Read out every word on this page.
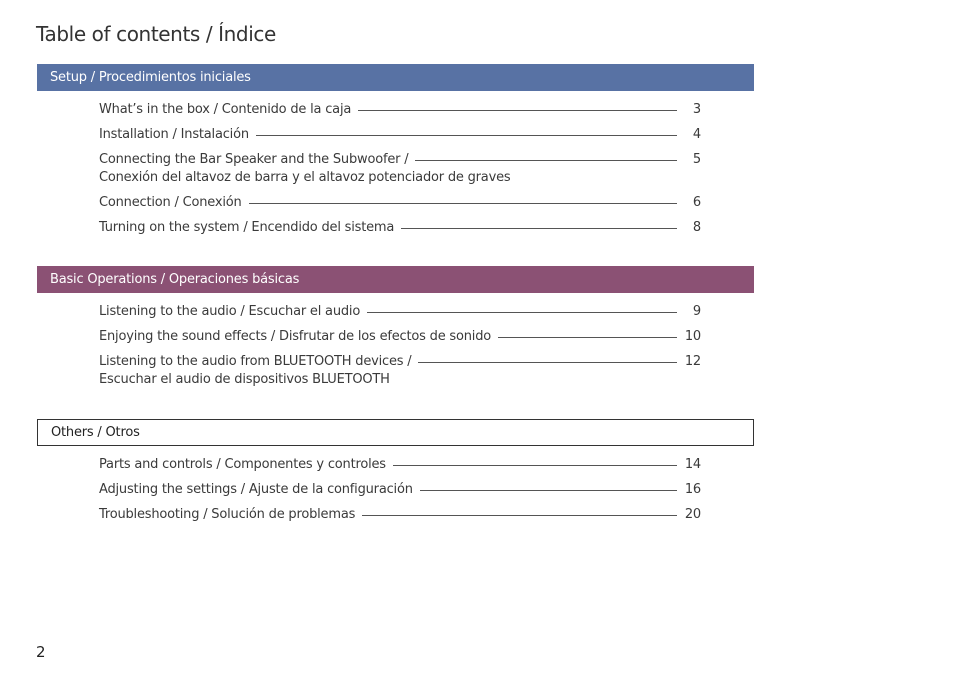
Table of contents / Índice
Setup / Procedimientos iniciales
What’s in the box / Contenido de la caja	3
Installation / Instalación	4
Connecting the Bar Speaker and the Subwoofer /	5
Conexión del altavoz de barra y el altavoz potenciador de graves
Connection / Conexión	6
Turning on the system / Encendido del sistema	8
Basic Operations / Operaciones básicas
Listening to the audio / Escuchar el audio	9
Enjoying the sound effects / Disfrutar de los efectos de sonido	10
Listening to the audio from BLUETOOTH devices /	12
Escuchar el audio de dispositivos BLUETOOTH
Others / Otros
Parts and controls / Componentes y controles	14
Adjusting the settings / Ajuste de la configuración	16
Troubleshooting / Solución de problemas	20
2
